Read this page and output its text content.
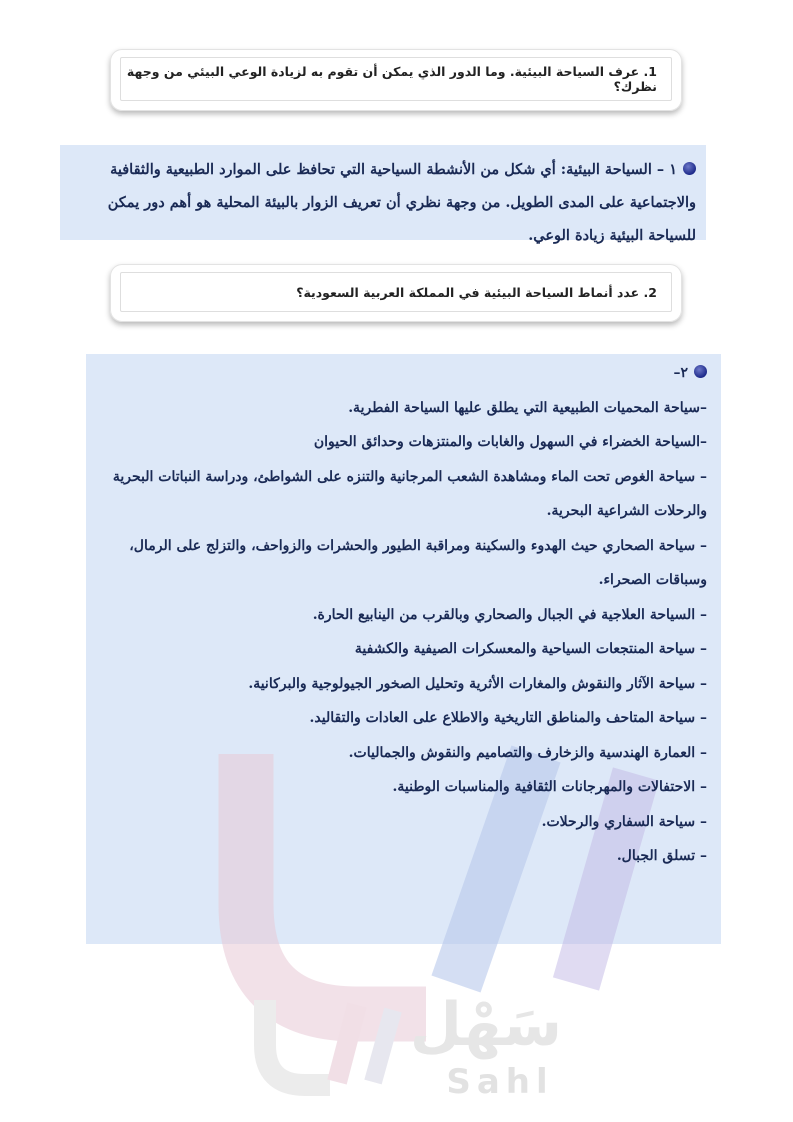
1. عرف السياحة البيئية. وما الدور الذي يمكن أن تقوم به لزيادة الوعي البيئي من وجهة نظرك؟
١ – السياحة البيئية: أي شكل من الأنشطة السياحية التي تحافظ على الموارد الطبيعية والثقافية والاجتماعية على المدى الطويل. من وجهة نظري أن تعريف الزوار بالبيئة المحلية هو أهم دور يمكن للسياحة البيئية زيادة الوعي.
2. عدد أنماط السياحة البيئية في المملكة العربية السعودية؟

٢–

–سياحة المحميات الطبيعية التي يطلق عليها السياحة الفطرية.

–السياحة الخضراء في السهول والغابات والمنتزهات وحدائق الحيوان

– سياحة الغوص تحت الماء ومشاهدة الشعب المرجانية والتنزه على الشواطئ، ودراسة النباتات البحرية والرحلات الشراعية البحرية.

– سياحة الصحاري حيث الهدوء والسكينة ومراقبة الطيور والحشرات والزواحف، والتزلج على الرمال، وسباقات الصحراء.

– السياحة العلاجية في الجبال والصحاري وبالقرب من الينابيع الحارة.

– سياحة المنتجعات السياحية والمعسكرات الصيفية والكشفية

– سياحة الآثار والنقوش والمغارات الأثرية وتحليل الصخور الجيولوجية والبركانية.

– سياحة المتاحف والمناطق التاريخية والاطلاع على العادات والتقاليد.

– العمارة الهندسية والزخارف والتصاميم والنقوش والجماليات.

– الاحتفالات والمهرجانات الثقافية والمناسبات الوطنية.

– سياحة السفاري والرحلات.

– تسلق الجبال.

سَهْل
Sahl
